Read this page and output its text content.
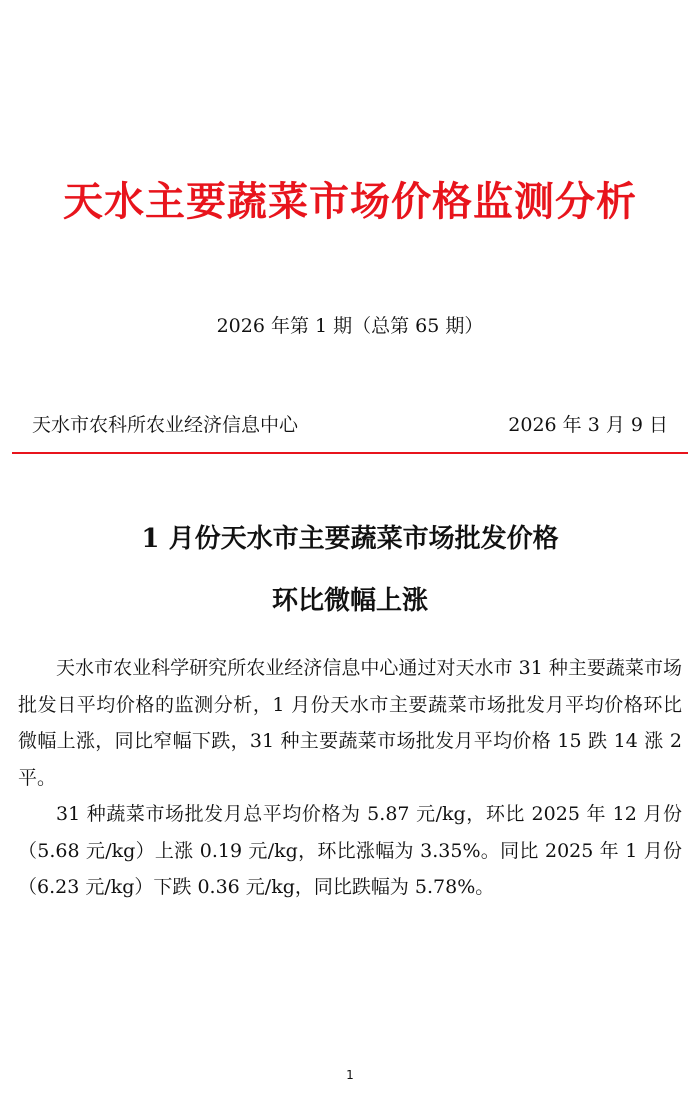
天水主要蔬菜市场价格监测分析
2026 年第 1 期（总第 65 期）
天水市农科所农业经济信息中心	2026 年 3 月 9 日
1 月份天水市主要蔬菜市场批发价格
环比微幅上涨

天水市农业科学研究所农业经济信息中心通过对天水市 31 种主要蔬菜市场批发日平均价格的监测分析，1 月份天水市主要蔬菜市场批发月平均价格环比微幅上涨，同比窄幅下跌，31 种主要蔬菜市场批发月平均价格 15 跌 14 涨 2 平。

31 种蔬菜市场批发月总平均价格为 5.87 元/kg，环比 2025 年 12 月份（5.68 元/kg）上涨 0.19 元/kg，环比涨幅为 3.35%。同比 2025 年 1 月份（6.23 元/kg）下跌 0.36 元/kg，同比跌幅为 5.78%。

1
